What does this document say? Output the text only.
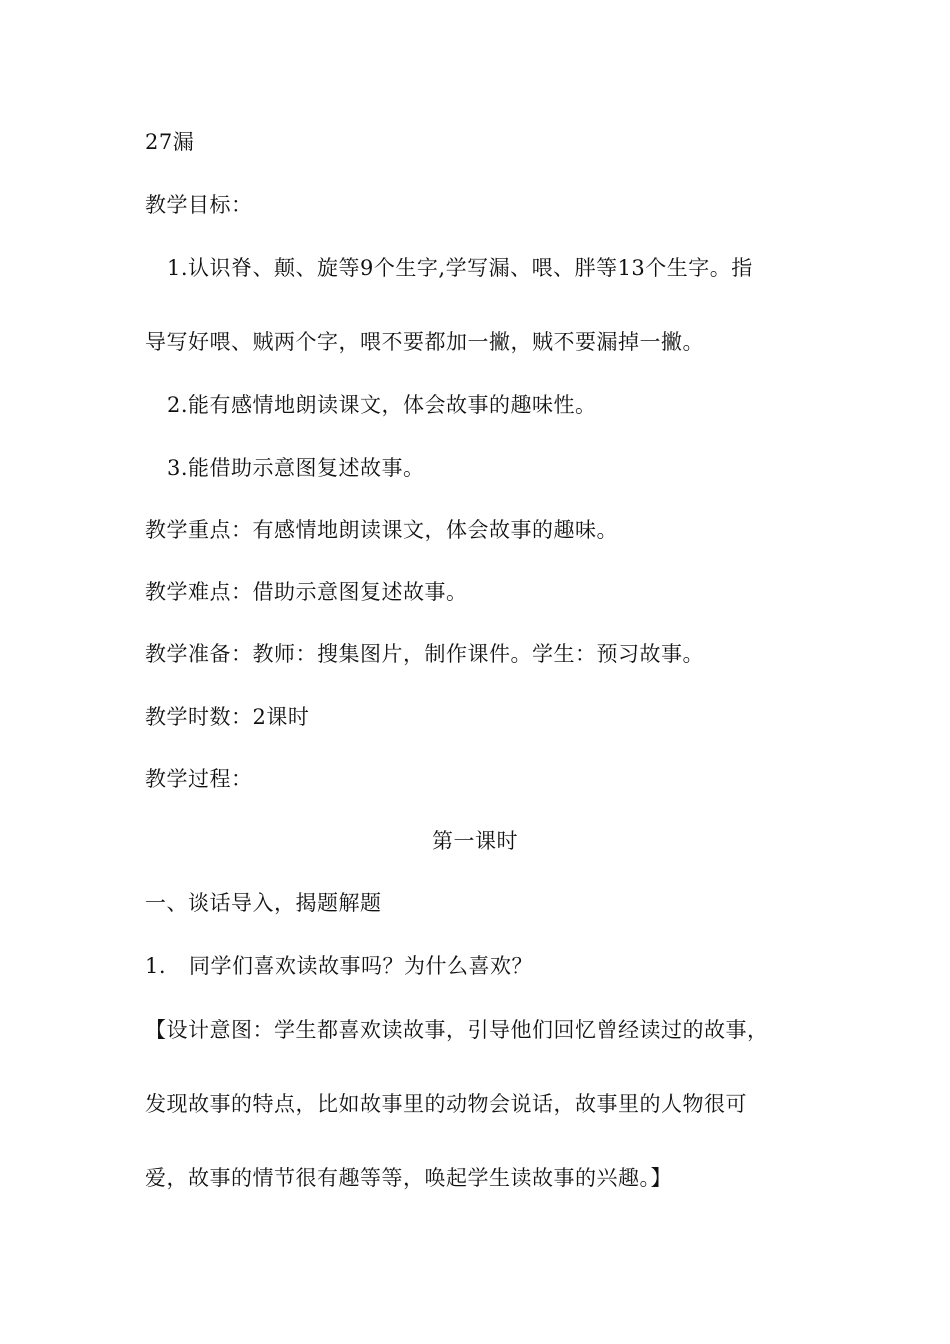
27漏
教学目标：
1.认识脊、颠、旋等9个生字,学写漏、喂、胖等13个生字。指
导写好喂、贼两个字，喂不要都加一撇，贼不要漏掉一撇。
2.能有感情地朗读课文，体会故事的趣味性。
3.能借助示意图复述故事。
教学重点：有感情地朗读课文，体会故事的趣味。
教学难点：借助示意图复述故事。
教学准备：教师：搜集图片，制作课件。学生：预习故事。
教学时数：2课时
教学过程：
第一课时
一、谈话导入，揭题解题
1. 同学们喜欢读故事吗？为什么喜欢？
【设计意图：学生都喜欢读故事，引导他们回忆曾经读过的故事，
发现故事的特点，比如故事里的动物会说话，故事里的人物很可
爱，故事的情节很有趣等等，唤起学生读故事的兴趣。】
